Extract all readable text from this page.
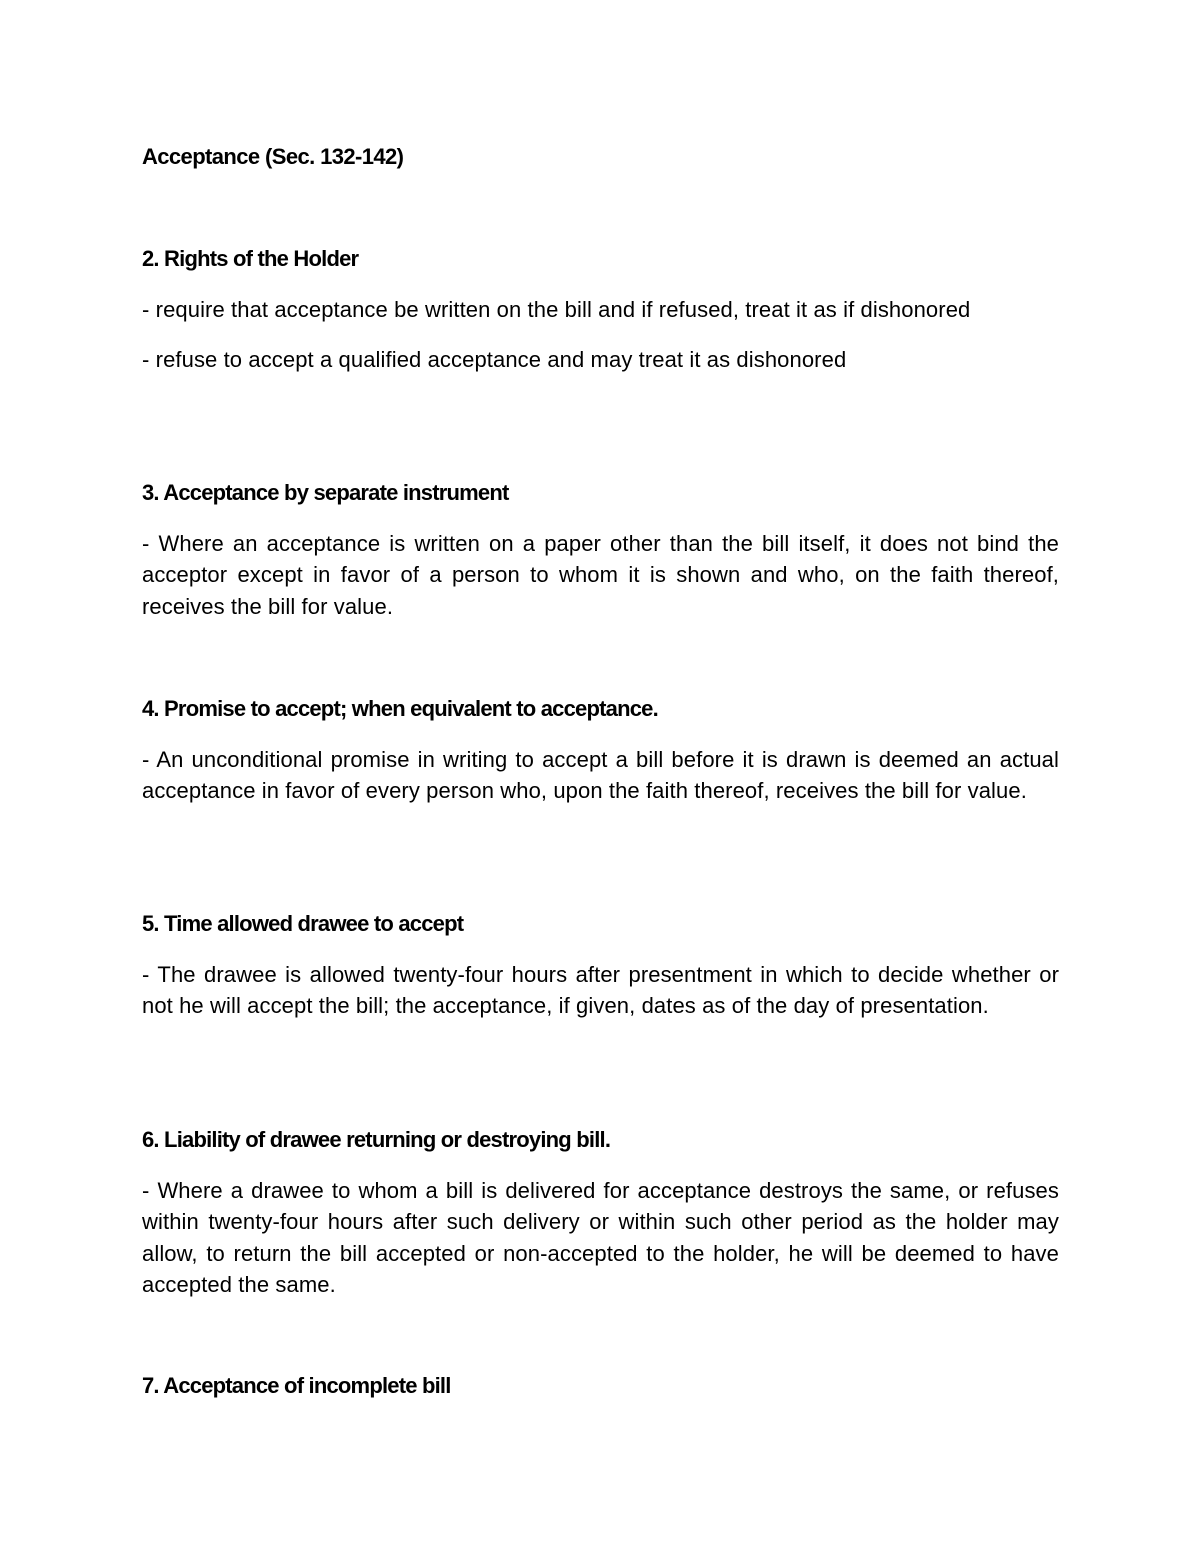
Acceptance (Sec. 132-142)
2. Rights of the Holder

- require that acceptance be written on the bill and if refused, treat it as if dishonored

- refuse to accept a qualified acceptance and may treat it as dishonored

3. Acceptance by separate instrument

- Where an acceptance is written on a paper other than the bill itself, it does not bind the acceptor except in favor of a person to whom it is shown and who, on the faith thereof, receives the bill for value.

4. Promise to accept; when equivalent to acceptance.

- An unconditional promise in writing to accept a bill before it is drawn is deemed an actual acceptance in favor of every person who, upon the faith thereof, receives the bill for value.

5. Time allowed drawee to accept

- The drawee is allowed twenty-four hours after presentment in which to decide whether or not he will accept the bill; the acceptance, if given, dates as of the day of presentation.

6. Liability of drawee returning or destroying bill.

- Where a drawee to whom a bill is delivered for acceptance destroys the same, or refuses within twenty-four hours after such delivery or within such other period as the holder may allow, to return the bill accepted or non-accepted to the holder, he will be deemed to have accepted the same.

7. Acceptance of incomplete bill
